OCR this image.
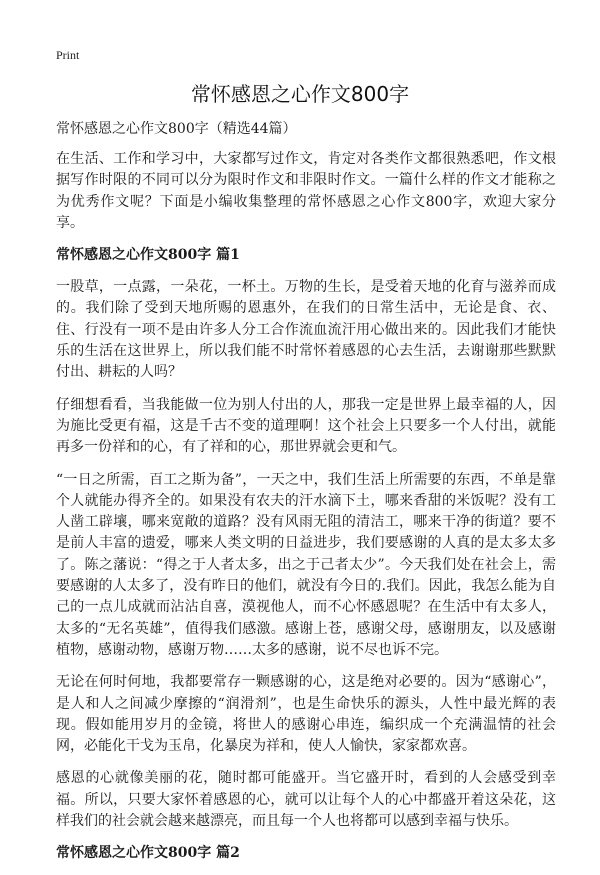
Print
常怀感恩之心作文800字

常怀感恩之心作文800字（精选44篇）

在生活、工作和学习中，大家都写过作文，肯定对各类作文都很熟悉吧，作文根据写作时限的不同可以分为限时作文和非限时作文。一篇什么样的作文才能称之为优秀作文呢？下面是小编收集整理的常怀感恩之心作文800字，欢迎大家分享。

常怀感恩之心作文800字 篇1

一股草，一点露，一朵花，一杯土。万物的生长，是受着天地的化育与滋养而成的。我们除了受到天地所赐的恩惠外，在我们的日常生活中，无论是食、衣、住、行没有一项不是由许多人分工合作流血流汗用心做出来的。因此我们才能快乐的生活在这世界上，所以我们能不时常怀着感恩的心去生活，去谢谢那些默默付出、耕耘的人吗？

仔细想看看，当我能做一位为别人付出的人，那我一定是世界上最幸福的人，因为施比受更有福，这是千古不变的道理啊！这个社会上只要多一个人付出，就能再多一份祥和的心，有了祥和的心，那世界就会更和气。

“一日之所需，百工之斯为备”，一天之中，我们生活上所需要的东西，不单是靠个人就能办得齐全的。如果没有农夫的汗水滴下土，哪来香甜的米饭呢？没有工人凿工辟壤，哪来宽敞的道路？没有风雨无阻的清洁工，哪来干净的街道？要不是前人丰富的遗爱，哪来人类文明的日益进步，我们要感谢的人真的是太多太多了。陈之藩说：“得之于人者太多，出之于己者太少”。今天我们处在社会上，需要感谢的人太多了，没有昨日的他们，就没有今日的.我们。因此，我怎么能为自己的一点儿成就而沾沾自喜，漠视他人，而不心怀感恩呢？在生活中有太多人，太多的“无名英雄”，值得我们感激。感谢上苍，感谢父母，感谢朋友，以及感谢植物，感谢动物，感谢万物……太多的感谢，说不尽也诉不完。

无论在何时何地，我都要常存一颗感谢的心，这是绝对必要的。因为“感谢心”，是人和人之间减少摩擦的“润滑剂”，也是生命快乐的源头，人性中最光辉的表现。假如能用岁月的金镜，将世人的感谢心串连，编织成一个充满温情的社会网，必能化干戈为玉帛，化暴戾为祥和，使人人愉快，家家都欢喜。

感恩的心就像美丽的花，随时都可能盛开。当它盛开时，看到的人会感受到幸福。所以，只要大家怀着感恩的心，就可以让每个人的心中都盛开着这朵花，这样我们的社会就会越来越漂亮，而且每一个人也将都可以感到幸福与快乐。

常怀感恩之心作文800字 篇2
